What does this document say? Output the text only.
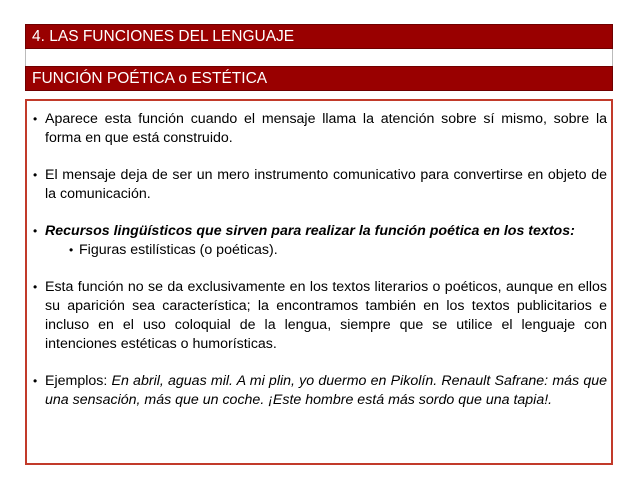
4. LAS FUNCIONES DEL LENGUAJE
FUNCIÓN POÉTICA o ESTÉTICA
• Aparece esta función cuando el mensaje llama la atención sobre sí mismo, sobre la forma en que está construido.
• El mensaje deja de ser un mero instrumento comunicativo para convertirse en objeto de la comunicación.
• Recursos lingüísticos que sirven para realizar la función poética en los textos:
• Figuras estilísticas (o poéticas).
• Esta función no se da exclusivamente en los textos literarios o poéticos, aunque en ellos su aparición sea característica; la encontramos también en los textos publicitarios e incluso en el uso coloquial de la lengua, siempre que se utilice el lenguaje con intenciones estéticas o humorísticas.
• Ejemplos: En abril, aguas mil. A mi plin, yo duermo en Pikolín. Renault Safrane: más que una sensación, más que un coche. ¡Este hombre está más sordo que una tapia!.
